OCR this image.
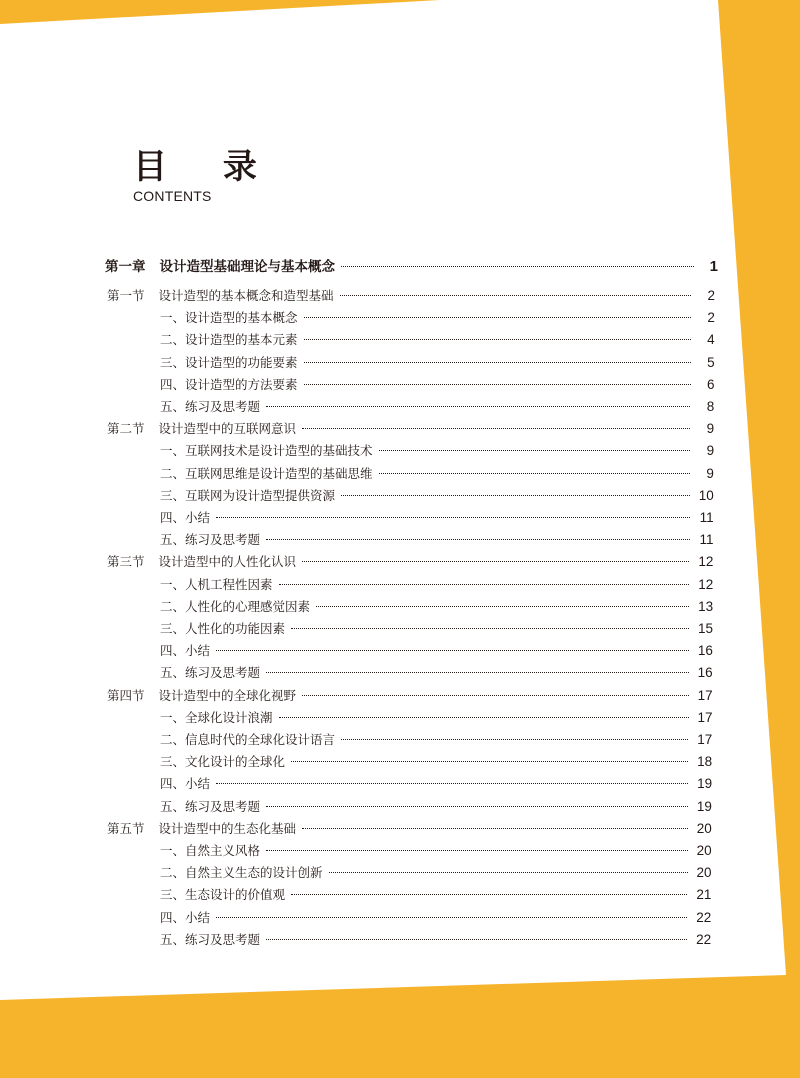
目 录
CONTENTS
第一章 设计造型基础理论与基本概念	1
第一节 设计造型的基本概念和造型基础	2
一、设计造型的基本概念	2
二、设计造型的基本元素	4
三、设计造型的功能要素	5
四、设计造型的方法要素	6
五、练习及思考题	8
第二节 设计造型中的互联网意识	9
一、互联网技术是设计造型的基础技术	9
二、互联网思维是设计造型的基础思维	9
三、互联网为设计造型提供资源	10
四、小结	11
五、练习及思考题	11
第三节 设计造型中的人性化认识	12
一、人机工程性因素	12
二、人性化的心理感觉因素	13
三、人性化的功能因素	15
四、小结	16
五、练习及思考题	16
第四节 设计造型中的全球化视野	17
一、全球化设计浪潮	17
二、信息时代的全球化设计语言	17
三、文化设计的全球化	18
四、小结	19
五、练习及思考题	19
第五节 设计造型中的生态化基础	20
一、自然主义风格	20
二、自然主义生态的设计创新	20
三、生态设计的价值观	21
四、小结	22
五、练习及思考题	22
